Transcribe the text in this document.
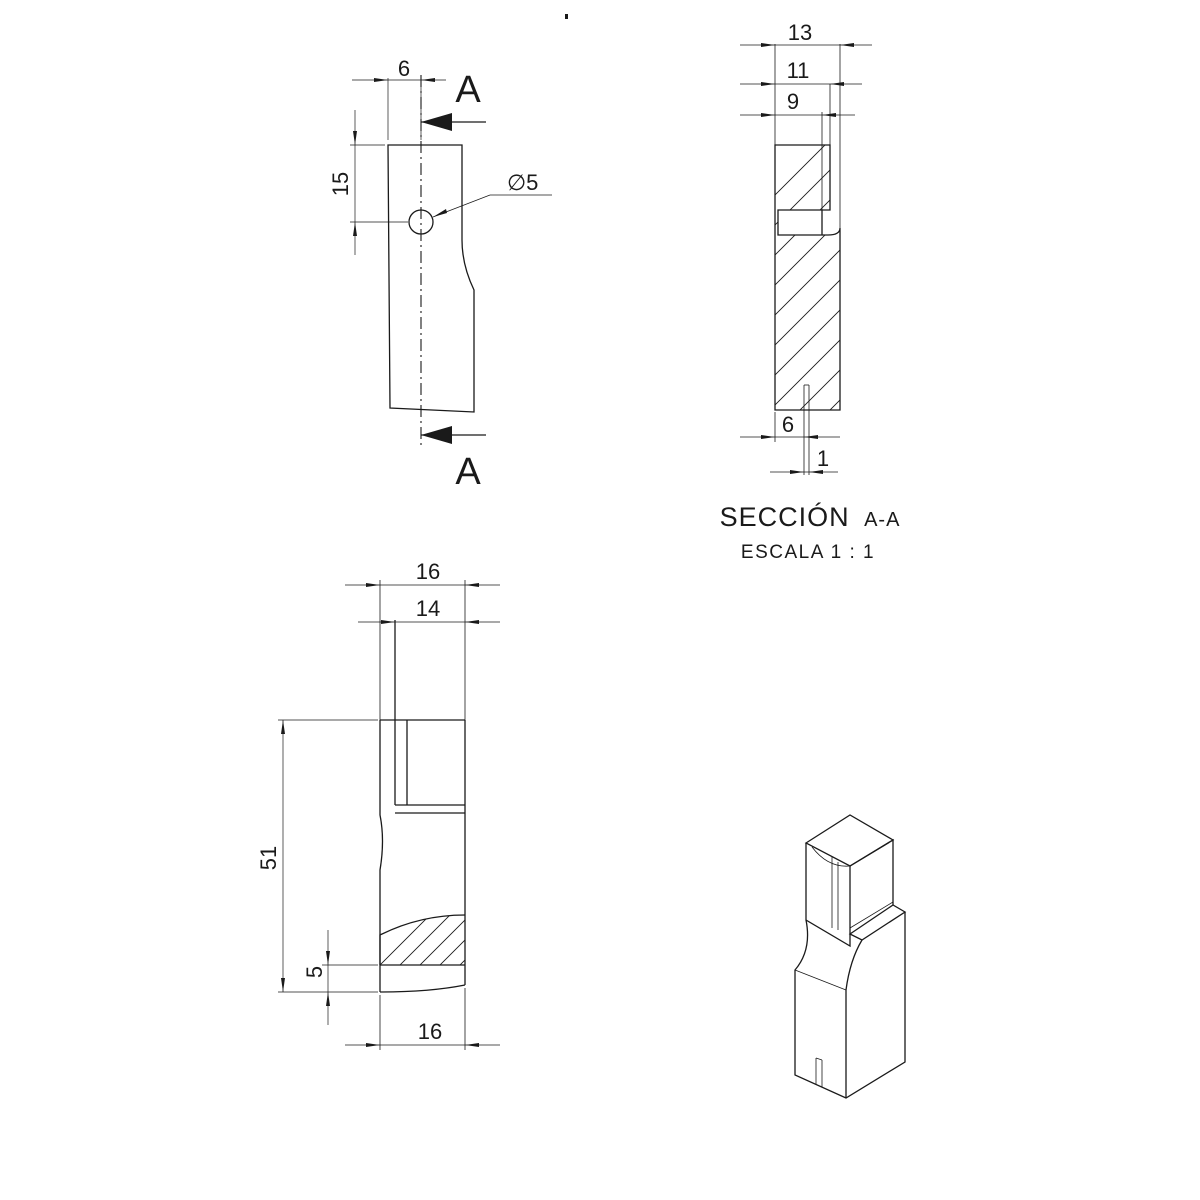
6
15	∅5
A
A
13
11
9
6
1
SECCIÓN A-A
ESCALA 1 : 1
16
14
51
5
16
